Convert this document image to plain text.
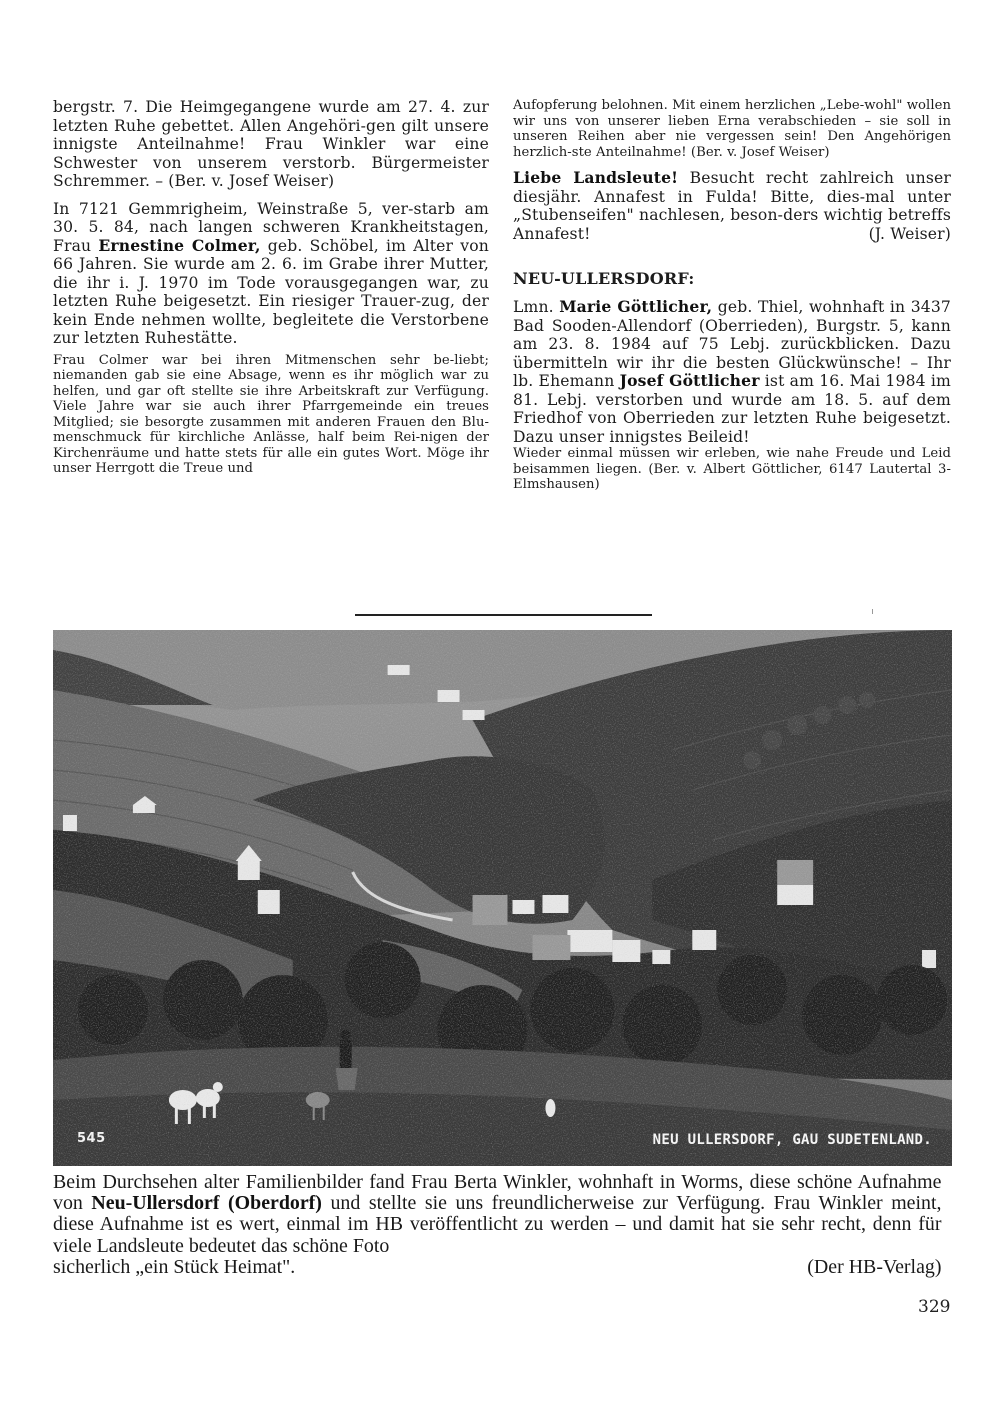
bergstr. 7. Die Heimgegangene wurde am 27. 4. zur letzten Ruhe gebettet. Allen Angehöri-gen gilt unsere innigste Anteilnahme! Frau Winkler war eine Schwester von unserem verstorb. Bürgermeister Schremmer. – (Ber. v. Josef Weiser)

In 7121 Gemmrigheim, Weinstraße 5, ver-starb am 30. 5. 84, nach langen schweren Krankheitstagen, Frau Ernestine Colmer, geb. Schöbel, im Alter von 66 Jahren. Sie wurde am 2. 6. im Grabe ihrer Mutter, die ihr i. J. 1970 im Tode vorausgegangen war, zu letzten Ruhe beigesetzt. Ein riesiger Trauer-zug, der kein Ende nehmen wollte, begleitete die Verstorbene zur letzten Ruhestätte.

Frau Colmer war bei ihren Mitmenschen sehr be-liebt; niemanden gab sie eine Absage, wenn es ihr möglich war zu helfen, und gar oft stellte sie ihre Arbeitskraft zur Verfügung. Viele Jahre war sie auch ihrer Pfarrgemeinde ein treues Mitglied; sie besorgte zusammen mit anderen Frauen den Blu-menschmuck für kirchliche Anlässe, half beim Rei-nigen der Kirchenräume und hatte stets für alle ein gutes Wort. Möge ihr unser Herrgott die Treue und

Aufopferung belohnen. Mit einem herzlichen „Lebe-wohl" wollen wir uns von unserer lieben Erna verabschieden – sie soll in unseren Reihen aber nie vergessen sein! Den Angehörigen herzlich-ste Anteilnahme! (Ber. v. Josef Weiser)

Liebe Landsleute! Besucht recht zahlreich unser diesjähr. Annafest in Fulda! Bitte, dies-mal unter „Stubenseifen" nachlesen, beson-ders wichtig betreffs Annafest!	(J. Weiser)

NEU-ULLERSDORF:

Lmn. Marie Göttlicher, geb. Thiel, wohnhaft in 3437 Bad Sooden-Allendorf (Oberrieden), Burgstr. 5, kann am 23. 8. 1984 auf 75 Lebj. zurückblicken. Dazu übermitteln wir ihr die besten Glückwünsche! – Ihr lb. Ehemann Josef Göttlicher ist am 16. Mai 1984 im 81. Lebj. verstorben und wurde am 18. 5. auf dem Friedhof von Oberrieden zur letzten Ruhe beigesetzt. Dazu unser innigstes Beileid!

Wieder einmal müssen wir erleben, wie nahe Freude und Leid beisammen liegen. (Ber. v. Albert Göttlicher, 6147 Lautertal 3-Elmshausen)

545	NEU ULLERSDORF, GAU SUDETENLAND.

Beim Durchsehen alter Familienbilder fand Frau Berta Winkler, wohnhaft in Worms, diese schöne Aufnahme von Neu-Ullersdorf (Oberdorf) und stellte sie uns freundlicherweise zur Verfügung. Frau Winkler meint, diese Aufnahme ist es wert, einmal im HB veröffentlicht zu werden – und damit hat sie sehr recht, denn für viele Landsleute bedeutet das schöne Foto

sicherlich „ein Stück Heimat".	(Der HB-Verlag)
329
